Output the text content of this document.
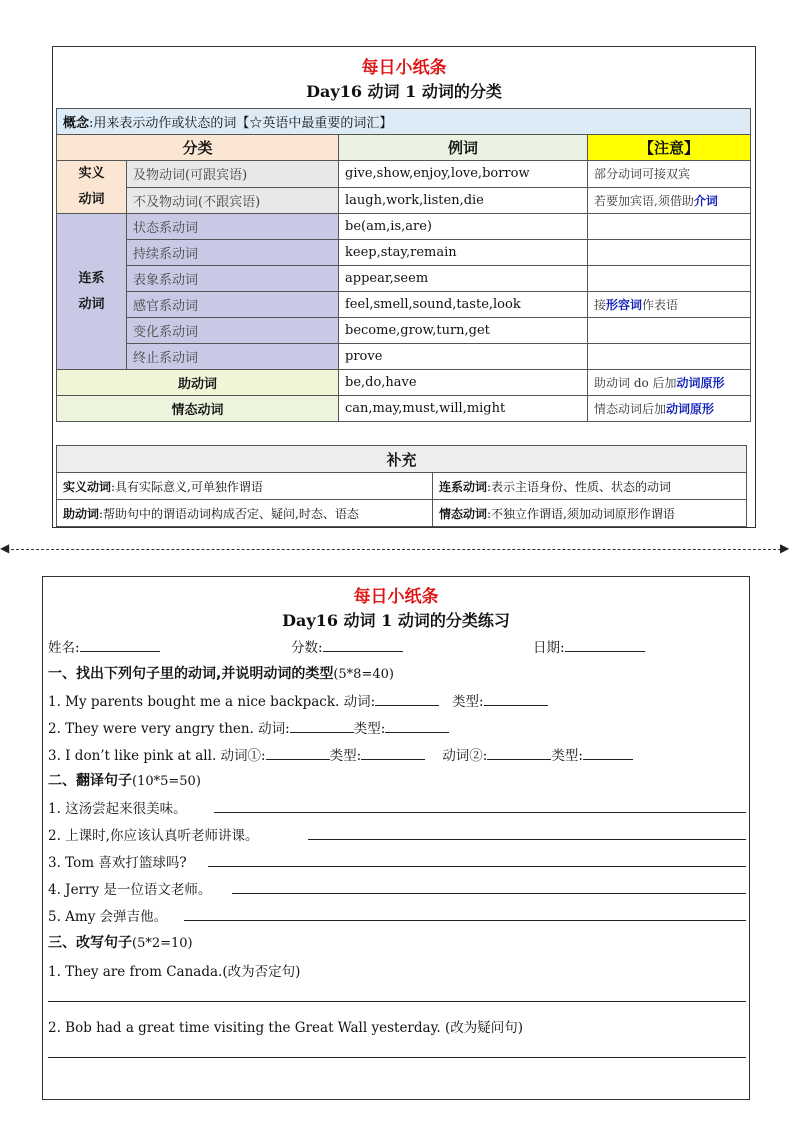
每日小纸条
Day16 动词 1 动词的分类
概念:用来表示动作或状态的词【☆英语中最重要的词汇】			
分类		例词	【注意】
实义
动词	及物动词(可跟宾语)	give,show,enjoy,love,borrow	部分动词可接双宾
	不及物动词(不跟宾语)	laugh,work,listen,die	若要加宾语,须借助介词
连系
动词	状态系动词	be(am,is,are)	
	持续系动词	keep,stay,remain	
	表象系动词	appear,seem	
	感官系动词	feel,smell,sound,taste,look	接形容词作表语
	变化系动词	become,grow,turn,get	
	终止系动词	prove	
助动词		be,do,have	助动词 do 后加动词原形
情态动词		can,may,must,will,might	情态动词后加动词原形
补充	
实义动词:具有实际意义,可单独作谓语	连系动词:表示主语身份、性质、状态的动词
助动词:帮助句中的谓语动词构成否定、疑问,时态、语态	情态动词:不独立作谓语,须加动词原形作谓语
◀	▶
每日小纸条
Day16 动词 1 动词的分类练习
姓名:	分数:	日期:
一、找出下列句子里的动词,并说明动词的类型(5*8=40)
1. My parents bought me a nice backpack. 动词:	类型:
2. They were very angry then. 动词:	类型:
3. I don’t like pink at all. 动词①:	类型:	动词②:	类型:
二、翻译句子(10*5=50)
1. 这汤尝起来很美味。
2. 上课时,你应该认真听老师讲课。
3. Tom 喜欢打篮球吗?
4. Jerry 是一位语文老师。
5. Amy 会弹吉他。
三、改写句子(5*2=10)
1. They are from Canada.(改为否定句)
2. Bob had a great time visiting the Great Wall yesterday. (改为疑问句)
